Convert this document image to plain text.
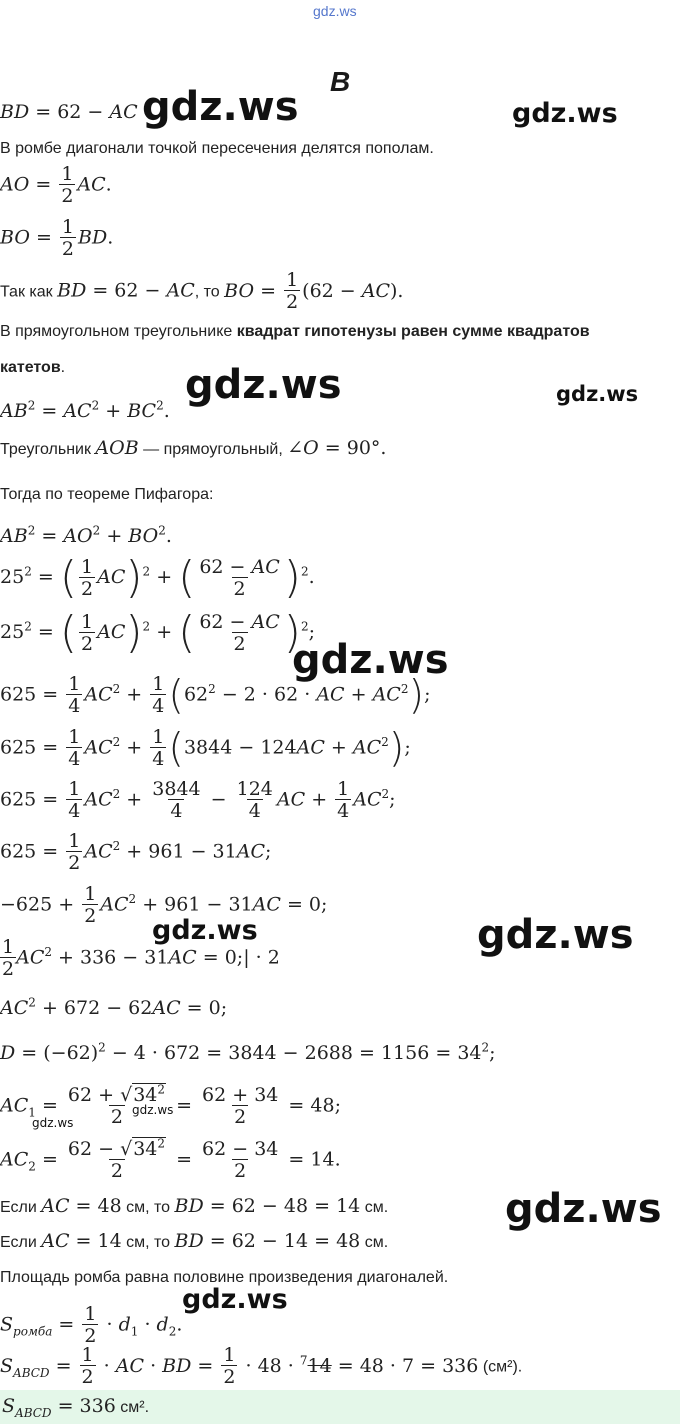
gdz.ws
B
BD = 62 − AC
В ромбе диагонали точкой пересечения делятся пополам.
AO = $\frac{1}{2}$ AC.
BO = $\frac{1}{2}$ BD.
Так как BD = 62 − AC, то BO = $\frac{1}{2} (62 - AC)$.
В прямоугольном треугольнике квадрат гипотенузы равен сумме квадратов
катетов.
$AB^2 = AC^2 + BC^2$.
Треугольник AOB — прямоугольный, ∠O = 90°.
Тогда по теореме Пифагора:
$AB^2 = AO^2 + BO^2$.
$25^2$ = ( $\frac{1}{2} AC)^2$ + ( $\frac{62 - AC}{2} )^2$.
$25^2$ = ( $\frac{1}{2} AC)^2$ + ( $\frac{62 - AC}{2} )^2$;
$625 = \frac{1}{4} AC^2 + \frac{1}{4} (62^2 - 2 \cdot 62$ · AC + $AC^2$);
$625 = \frac{1}{4} AC^2 + \frac{1}{4} (3844 - 124AC + AC^2)$;
$625 = \frac{1}{4} AC^2 + \frac{3844}{4} - \frac{124}{4}$ AC + $\frac{1}{4} AC^2$;
$625 = \frac{1}{2} AC^2 + 961 - 31AC$;
$-625 + \frac{1}{2} AC^2 + 961 - 31AC = 0$;
$\frac{1}{2} AC^2 + 336 - 31AC$ = 0;| · 2
$AC^2 + 672 - 62AC = 0$;
$D = (-62)^2 - 4 \cdot 672 = 3844 - 2688 = 1156 = 34^2$;
$AC_1 = \frac{62 + √34^2}{2} = \frac{62 + 34}{2} = 48$;
$AC_2 = \frac{62 - √34^2}{2} = \frac{62 - 34}{2} = 14$.
Если AC = 48 см, то BD = 62 − 48 = 14 см.
Если AC = 14 см, то BD = 62 − 14 = 48 см.
Площадь ромба равна половине произведения диагоналей.
$S_{ромба} = \frac{1}{2} \cdot d_1 \cdot d_2$.
$S_{ABCD} = \frac{1}{2}$ · AC · BD = $\frac{1}{2} \cdot 48 \cdot ^714 = 48 \cdot 7 = 336$ (см²).
$S_{ABCD} = 336$ см².
gdz.ws	gdz.ws
gdz.ws	gdz.ws
gdz.ws
gdz.ws	gdz.ws
gdz.ws
gdz.ws
gdz.ws
gdz.ws
